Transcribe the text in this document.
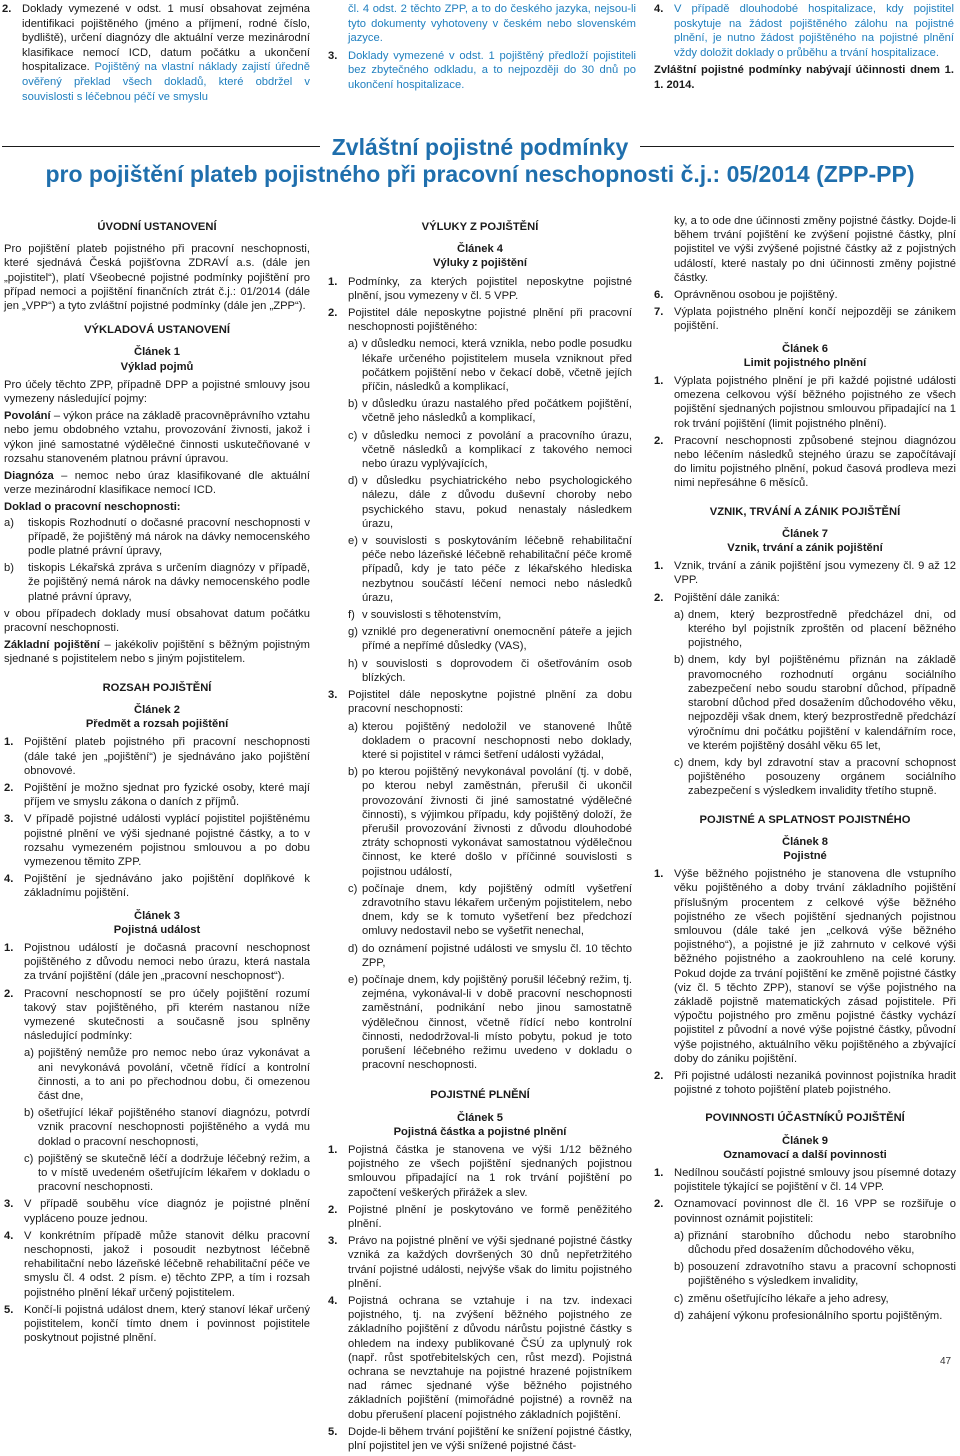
2. Doklady vymezené v odst. 1 musí obsahovat zejména identifikaci pojištěného (jméno a příjmení, rodné číslo, bydliště), určení diagnózy dle aktuální verze mezinárodní klasifikace nemocí ICD, datum počátku a ukončení hospitalizace. Pojištěný na vlastní náklady zajistí úředně ověřený překlad všech dokladů, které obdržel v souvislosti s léčebnou péčí ve smyslu

čl. 4 odst. 2 těchto ZPP, a to do českého jazyka, nejsou-li tyto dokumenty vyhotoveny v českém nebo slovenském jazyce.

3. Doklady vymezené v odst. 1 pojištěný předloží pojistiteli bez zbytečného odkladu, a to nejpozději do 30 dnů po ukončení hospitalizace.
4. V případě dlouhodobé hospitalizace, kdy pojistitel poskytuje na žádost pojištěného zálohu na pojistné plnění, je nutno žádost pojištěného na pojistné plnění vždy doložit doklady o průběhu a trvání hospitalizace.

Zvláštní pojistné podmínky nabývají účinnosti dnem 1. 1. 2014.

Zvláštní pojistné podmínky
pro pojištění plateb pojistného při pracovní neschopnosti č.j.: 05/2014 (ZPP-PP)
ÚVODNÍ USTANOVENÍ

Pro pojištění plateb pojistného při pracovní neschopnosti, které sjednává Česká pojišťovna ZDRAVÍ a.s. (dále jen „pojistitel“), platí Všeobecné pojistné podmínky pojištění pro případ nemoci a pojištění finančních ztrát č.j.: 01/2014 (dále jen „VPP“) a tyto zvláštní pojistné podmínky (dále jen „ZPP“).

VÝKLADOVÁ USTANOVENÍ
Článek 1
Výklad pojmů

Pro účely těchto ZPP, případně DPP a pojistné smlouvy jsou vymezeny následující pojmy:

Povolání – výkon práce na základě pracovněprávního vztahu nebo jemu obdobného vztahu, provozování živnosti, jakož i výkon jiné samostatné výdělečné činnosti uskutečňované v rozsahu stanoveném platnou právní úpravou.

Diagnóza – nemoc nebo úraz klasifikované dle aktuální verze mezinárodní klasifikace nemocí ICD.

Doklad o pracovní neschopnosti:

a)	tiskopis Rozhodnutí o dočasné pracovní neschopnosti v případě, že pojištěný má nárok na dávky nemocenského podle platné právní úpravy,
b)	tiskopis Lékařská zpráva s určením diagnózy v případě, že pojištěný nemá nárok na dávky nemocenského podle platné právní úpravy,

v obou případech doklady musí obsahovat datum počátku pracovní neschopnosti.

Základní pojištění – jakékoliv pojištění s běžným pojistným sjednané s pojistitelem nebo s jiným pojistitelem.

ROZSAH POJIŠTĚNÍ
Článek 2
Předmět a rozsah pojištění
1. Pojištění plateb pojistného při pracovní neschopnosti (dále také jen „pojištění“) je sjednáváno jako pojištění obnovové.
2. Pojištění je možno sjednat pro fyzické osoby, které mají příjem ve smyslu zákona o daních z příjmů.
3. V případě pojistné události vyplácí pojistitel pojištěnému pojistné plnění ve výši sjednané pojistné částky, a to v rozsahu vymezeném pojistnou smlouvou a po dobu vymezenou těmito ZPP.
4. Pojištění je sjednáváno jako pojištění doplňkové k základnímu pojištění.
Článek 3
Pojistná událost
1. Pojistnou událostí je dočasná pracovní neschopnost pojištěného z důvodu nemoci nebo úrazu, která nastala za trvání pojištění (dále jen „pracovní neschopnost“).
2. Pracovní neschopností se pro účely pojištění rozumí takový stav pojištěného, při kterém nastanou níže vymezené skutečnosti a současně jsou splněny následující podmínky:
a) pojištěný nemůže pro nemoc nebo úraz vykonávat a ani nevykonává povolání, včetně řídící a kontrolní činnosti, a to ani po přechodnou dobu, či omezenou část dne,
b) ošetřující lékař pojištěného stanoví diagnózu, potvrdí vznik pracovní neschopnosti pojištěného a vydá mu doklad o pracovní neschopnosti,
c) pojištěný se skutečně léčí a dodržuje léčebný režim, a to v místě uvedeném ošetřujícím lékařem v dokladu o pracovní neschopnosti.
3. V případě souběhu více diagnóz je pojistné plnění vypláceno pouze jednou.
4. V konkrétním případě může stanovit délku pracovní neschopnosti, jakož i posoudit nezbytnost léčebně rehabilitační nebo lázeňské léčebně rehabilitační péče ve smyslu čl. 4 odst. 2 písm. e) těchto ZPP, a tím i rozsah pojistného plnění lékař určený pojistitelem.
5. Končí-li pojistná událost dnem, který stanoví lékař určený pojistitelem, končí tímto dnem i povinnost pojistitele poskytnout pojistné plnění.
VÝLUKY Z POJIŠTĚNÍ
Článek 4
Výluky z pojištění
1. Podmínky, za kterých pojistitel neposkytne pojistné plnění, jsou vymezeny v čl. 5 VPP.
2. Pojistitel dále neposkytne pojistné plnění při pracovní neschopnosti pojištěného:
a) v důsledku nemoci, která vznikla, nebo podle posudku lékaře určeného pojistitelem musela vzniknout před počátkem pojištění nebo v čekací době, včetně jejích příčin, následků a komplikací,
b) v důsledku úrazu nastalého před počátkem pojištění, včetně jeho následků a komplikací,
c) v důsledku nemoci z povolání a pracovního úrazu, včetně následků a komplikací z takového nemoci nebo úrazu vyplývajících,
d) v důsledku psychiatrického nebo psychologického nálezu, dále z důvodu duševní choroby nebo psychického stavu, pokud nenastaly následkem úrazu,
e) v souvislosti s poskytováním léčebně rehabilitační péče nebo lázeňské léčebně rehabilitační péče kromě případů, kdy je tato péče z lékařského hlediska nezbytnou součástí léčení nemoci nebo následků úrazu,
f) v souvislosti s těhotenstvím,
g) vzniklé pro degenerativní onemocnění páteře a jejich přímé a nepřímé důsledky (VAS),
h) v souvislosti s doprovodem či ošetřováním osob blízkých.
3. Pojistitel dále neposkytne pojistné plnění za dobu pracovní neschopnosti:
a) kterou pojištěný nedoložil ve stanovené lhůtě dokladem o pracovní neschopnosti nebo doklady, které si pojistitel v rámci šetření události vyžádal,
b) po kterou pojištěný nevykonával povolání (tj. v době, po kterou nebyl zaměstnán, přerušil či ukončil provozování živnosti či jiné samostatné výdělečné činnosti), s výjimkou případu, kdy pojištěný doloží, že přerušil provozování živnosti z důvodu dlouhodobé ztráty schopnosti vykonávat samostatnou výdělečnou činnost, ke které došlo v příčinné souvislosti s pojistnou událostí,
c) počínaje dnem, kdy pojištěný odmítl vyšetření zdravotního stavu lékařem určeným pojistitelem, nebo dnem, kdy se k tomuto vyšetření bez předchozí omluvy nedostavil nebo se vyšetřit nenechal,
d) do oznámení pojistné události ve smyslu čl. 10 těchto ZPP,
e) počínaje dnem, kdy pojištěný porušil léčebný režim, tj. zejména, vykonával-li v době pracovní neschopnosti zaměstnání, podnikání nebo jinou samostatně výdělečnou činnost, včetně řídící nebo kontrolní činnosti, nedodržoval-li místo pobytu, pokud je toto porušení léčebného režimu uvedeno v dokladu o pracovní neschopnosti.
POJISTNÉ PLNĚNÍ
Článek 5
Pojistná částka a pojistné plnění
1. Pojistná částka je stanovena ve výši 1/12 běžného pojistného ze všech pojištění sjednaných pojistnou smlouvou připadající na 1 rok trvání pojištění po započtení veškerých přirážek a slev.
2. Pojistné plnění je poskytováno ve formě peněžitého plnění.
3. Právo na pojistné plnění ve výši sjednané pojistné částky vzniká za každých dovršených 30 dnů nepřetržitého trvání pojistné události, nejvýše však do limitu pojistného plnění.
4. Pojistná ochrana se vztahuje i na tzv. indexaci pojistného, tj. na zvýšení běžného pojistného ze základního pojištění z důvodu nárůstu pojistné částky s ohledem na indexy publikované ČSÚ za uplynulý rok (např. růst spotřebitelských cen, růst mezd). Pojistná ochrana se nevztahuje na pojistné hrazené pojistníkem nad rámec sjednané výše běžného pojistného základních pojištění (mimořádné pojistné) a rovněž na dobu přerušení placení pojistného základních pojištění.
5. Dojde-li během trvání pojištění ke snížení pojistné částky, plní pojistitel jen ve výši snížené pojistné část-

ky, a to ode dne účinnosti změny pojistné částky. Dojde-li během trvání pojištění ke zvýšení pojistné částky, plní pojistitel ve výši zvýšené pojistné částky až z pojistných událostí, které nastaly po dni účinnosti změny pojistné částky.

6. Oprávněnou osobou je pojištěný.
7. Výplata pojistného plnění končí nejpozději se zánikem pojištění.
Článek 6
Limit pojistného plnění
1. Výplata pojistného plnění je při každé pojistné události omezena celkovou výší běžného pojistného ze všech pojištění sjednaných pojistnou smlouvou připadající na 1 rok trvání pojištění (limit pojistného plnění).
2. Pracovní neschopnosti způsobené stejnou diagnózou nebo léčením následků stejného úrazu se započítávají do limitu pojistného plnění, pokud časová prodleva mezi nimi nepřesáhne 6 měsíců.
VZNIK, TRVÁNÍ A ZÁNIK POJIŠTĚNÍ
Článek 7
Vznik, trvání a zánik pojištění
1. Vznik, trvání a zánik pojištění jsou vymezeny čl. 9 až 12 VPP.
2. Pojištění dále zaniká:
a) dnem, který bezprostředně předcházel dni, od kterého byl pojistník zproštěn od placení běžného pojistného,
b) dnem, kdy byl pojištěnému přiznán na základě pravomocného rozhodnutí orgánu sociálního zabezpečení nebo soudu starobní důchod, případně starobní důchod před dosažením důchodového věku, nejpozději však dnem, který bezprostředně předchází výročnímu dni počátku pojištění v kalendářním roce, ve kterém pojištěný dosáhl věku 65 let,
c) dnem, kdy byl zdravotní stav a pracovní schopnost pojištěného posouzeny orgánem sociálního zabezpečení s výsledkem invalidity třetího stupně.
POJISTNÉ A SPLATNOST POJISTNÉHO
Článek 8
Pojistné
1. Výše běžného pojistného je stanovena dle vstupního věku pojištěného a doby trvání základního pojištění příslušným procentem z celkové výše běžného pojistného ze všech pojištění sjednaných pojistnou smlouvou (dále také jen „celková výše běžného pojistného“), a pojistné je již zahrnuto v celkové výši běžného pojistného a zaokrouhleno na celé koruny. Pokud dojde za trvání pojištění ke změně pojistné částky (viz čl. 5 těchto ZPP), stanoví se výše pojistného na základě pojistně matematických zásad pojistitele. Při výpočtu pojistného pro změnu pojistné částky vychází pojistitel z původní a nové výše pojistné částky, původní výše pojistného, aktuálního věku pojištěného a zbývající doby do zániku pojištění.
2. Při pojistné události nezaniká povinnost pojistníka hradit pojistné z tohoto pojištění plateb pojistného.
POVINNOSTI ÚČASTNÍKŮ POJIŠTĚNÍ
Článek 9
Oznamovací a další povinnosti
1. Nedílnou součástí pojistné smlouvy jsou písemné dotazy pojistitele týkající se pojištění v čl. 14 VPP.
2. Oznamovací povinnost dle čl. 16 VPP se rozšiřuje o povinnost oznámit pojistiteli:
a) přiznání starobního důchodu nebo starobního důchodu před dosažením důchodového věku,
b) posouzení zdravotního stavu a pracovní schopnosti pojištěného s výsledkem invalidity,
c) změnu ošetřujícího lékaře a jeho adresy,
d) zahájení výkonu profesionálního sportu pojištěným.
47
